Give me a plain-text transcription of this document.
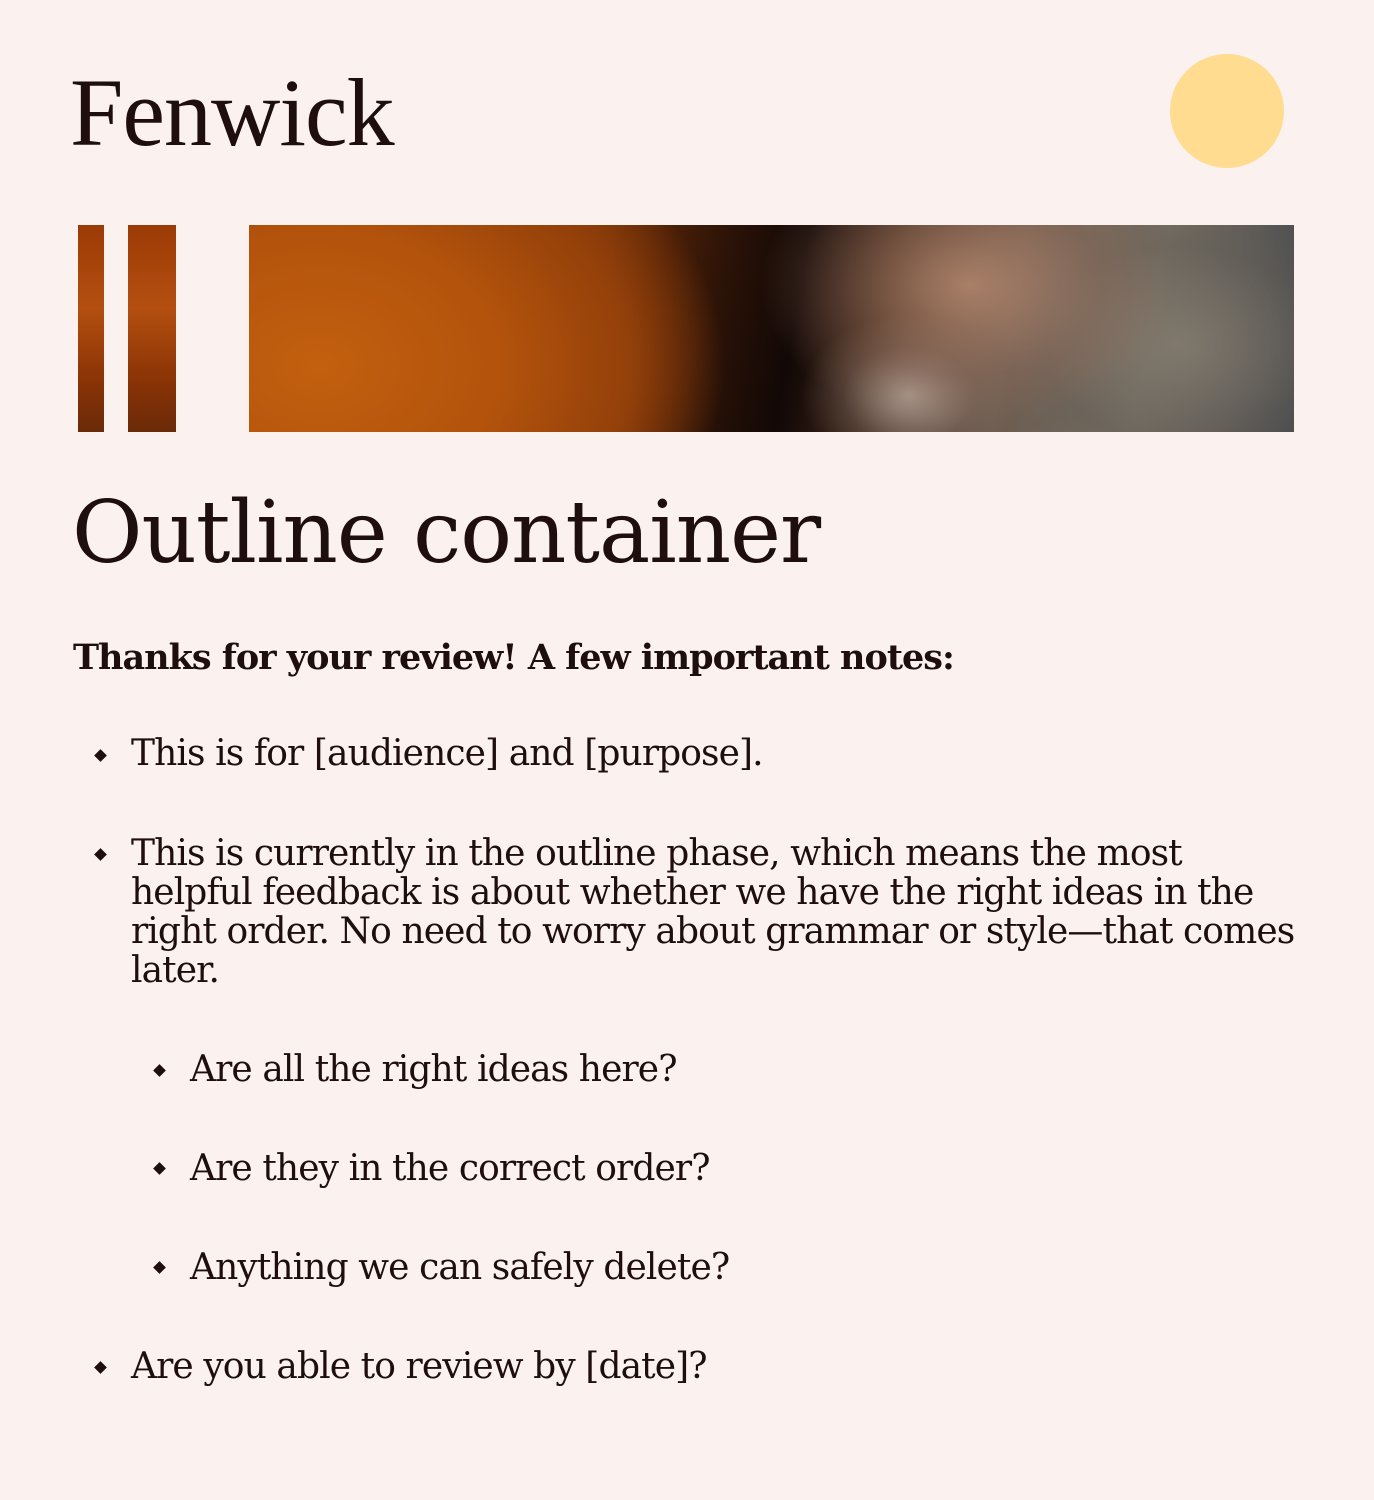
Fenwick
Outline container

Thanks for your review! A few important notes:

This is for [audience] and [purpose].
This is currently in the outline phase, which means the most helpful feedback is about whether we have the right ideas in the right order. No need to worry about grammar or style—that comes later.
Are all the right ideas here?
Are they in the correct order?
Anything we can safely delete?
Are you able to review by [date]?
